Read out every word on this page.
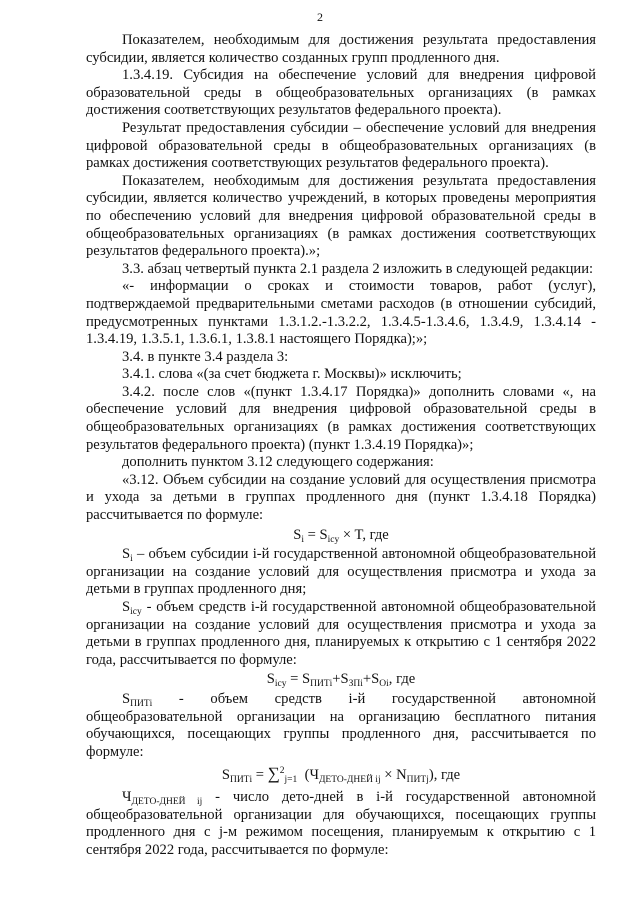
2

Показателем, необходимым для достижения результата предоставления субсидии, является количество созданных групп продленного дня.

1.3.4.19. Субсидия на обеспечение условий для внедрения цифровой образовательной среды в общеобразовательных организациях (в рамках достижения соответствующих результатов федерального проекта).

Результат предоставления субсидии – обеспечение условий для внедрения цифровой образовательной среды в общеобразовательных организациях (в рамках достижения соответствующих результатов федерального проекта).

Показателем, необходимым для достижения результата предоставления субсидии, является количество учреждений, в которых проведены мероприятия по обеспечению условий для внедрения цифровой образовательной среды в общеобразовательных организациях (в рамках достижения соответствующих результатов федерального проекта).»;

3.3. абзац четвертый пункта 2.1 раздела 2 изложить в следующей редакции:

«- информации о сроках и стоимости товаров, работ (услуг), подтверждаемой предварительными сметами расходов (в отношении субсидий, предусмотренных пунктами 1.3.1.2.-1.3.2.2, 1.3.4.5-1.3.4.6, 1.3.4.9, 1.3.4.14 - 1.3.4.19, 1.3.5.1, 1.3.6.1, 1.3.8.1 настоящего Порядка);»;

3.4. в пункте 3.4 раздела 3:

3.4.1. слова «(за счет бюджета г. Москвы)» исключить;

3.4.2. после слов «(пункт 1.3.4.17 Порядка)» дополнить словами «, на обеспечение условий для внедрения цифровой образовательной среды в общеобразовательных организациях (в рамках достижения соответствующих результатов федерального проекта) (пункт 1.3.4.19 Порядка)»;

дополнить пунктом 3.12 следующего содержания:

«3.12. Объем субсидии на создание условий для осуществления присмотра и ухода за детьми в группах продленного дня (пункт 1.3.4.18 Порядка) рассчитывается по формуле:

$S_i = S_{icy} \times T$, где

$S_i$ – объем субсидии i-й государственной автономной общеобразовательной организации на создание условий для осуществления присмотра и ухода за детьми в группах продленного дня;

$S_{icy}$ - объем средств i-й государственной автономной общеобразовательной организации на создание условий для осуществления присмотра и ухода за детьми в группах продленного дня, планируемых к открытию с 1 сентября 2022 года, рассчитывается по формуле:

$S_{icy} = S_{ПИТi}+S_{ЗПi}+S_{Oi}$, где

$S_{ПИТi}$ - объем средств i-й государственной автономной общеобразовательной организации на организацию бесплатного питания обучающихся, посещающих группы продленного дня, рассчитывается по формуле:

$S_{ПИТi} = \sum^2_{j=1}$  $(Ч_{ДЕТО-ДНЕЙ ij} \times N_{ПИТj})$, где

$Ч_{ДЕТО-ДНЕЙ ij}$ - число дето-дней в i-й государственной автономной общеобразовательной организации для обучающихся, посещающих группы продленного дня с j-м режимом посещения, планируемым к открытию с 1 сентября 2022 года, рассчитывается по формуле:
